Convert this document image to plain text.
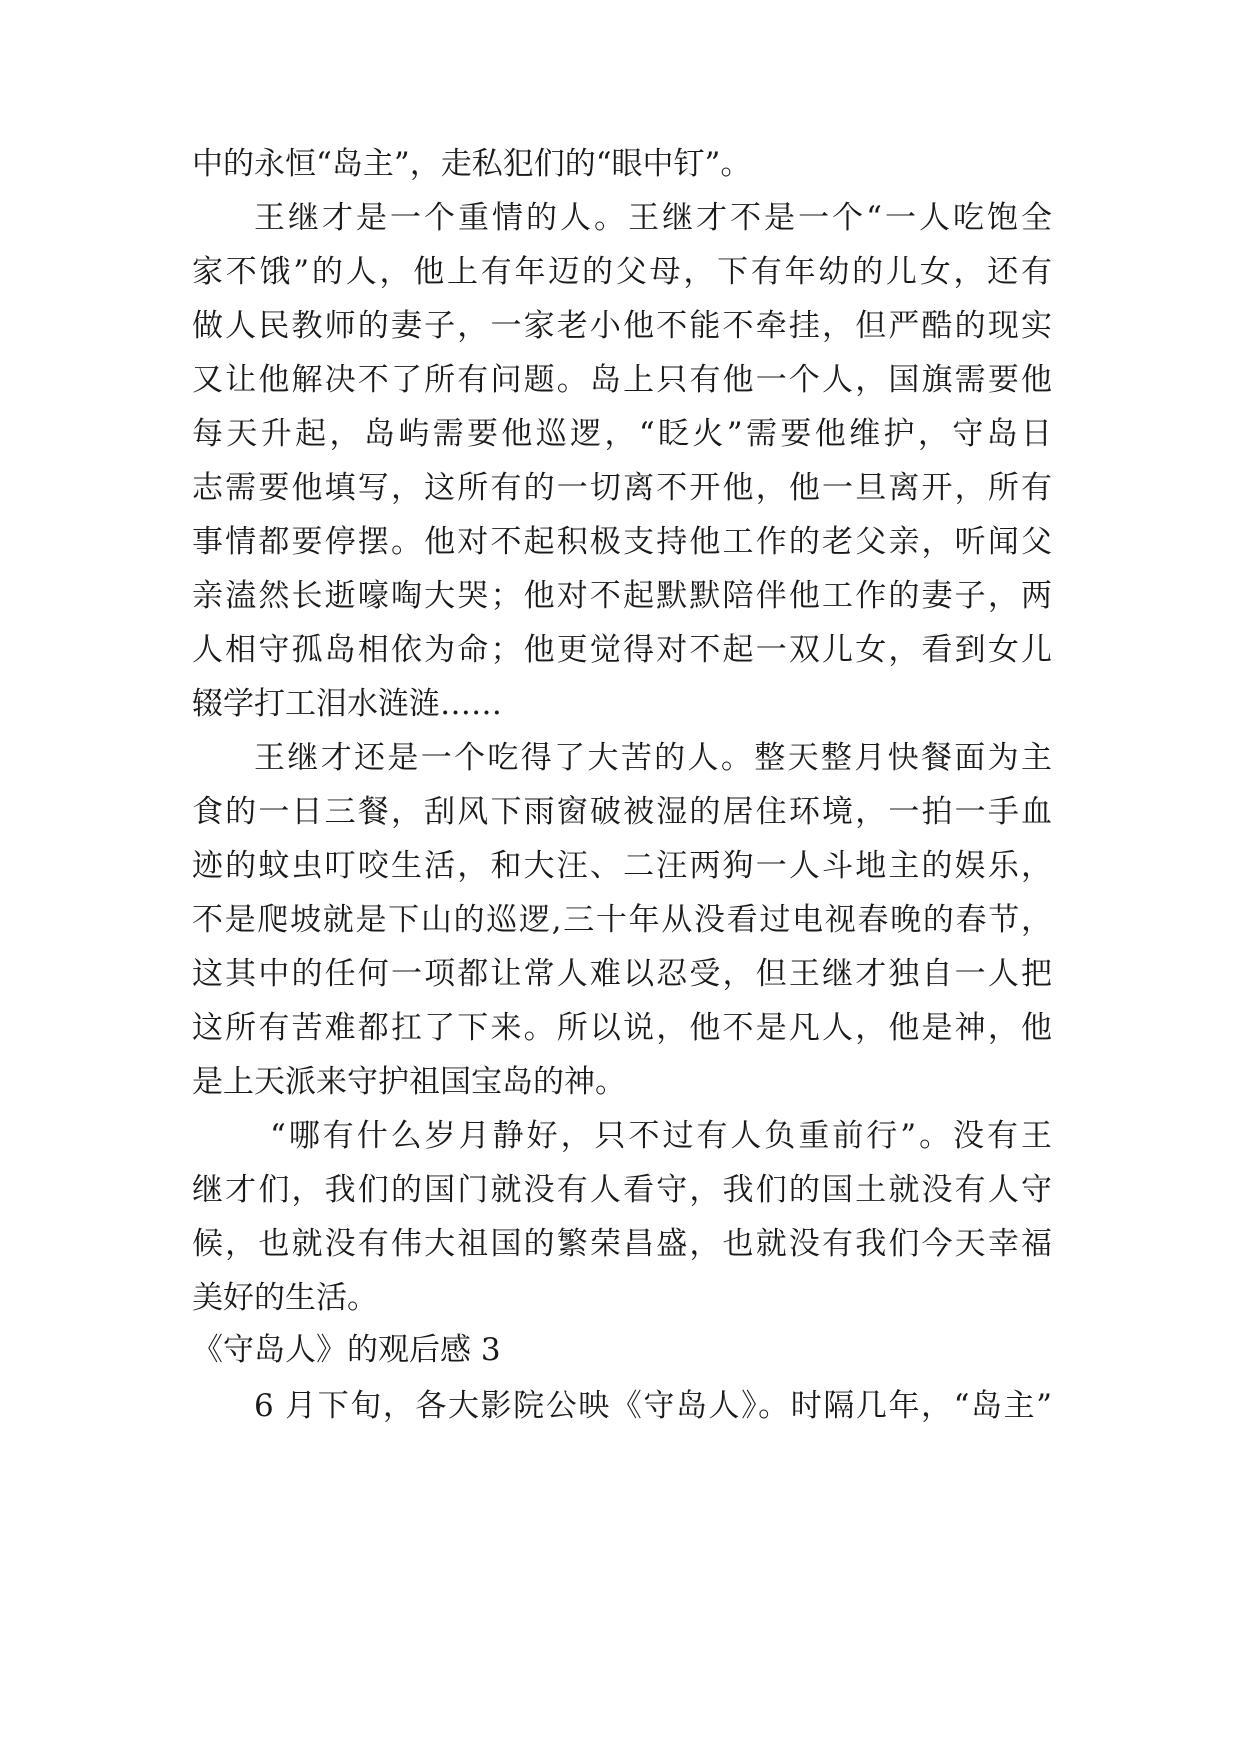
中的永恒“岛主”，走私犯们的“眼中钉”。
王继才是一个重情的人。王继才不是一个“一人吃饱全
家不饿”的人，他上有年迈的父母，下有年幼的儿女，还有
做人民教师的妻子，一家老小他不能不牵挂，但严酷的现实
又让他解决不了所有问题。岛上只有他一个人，国旗需要他
每天升起，岛屿需要他巡逻，“眨火”需要他维护，守岛日
志需要他填写，这所有的一切离不开他，他一旦离开，所有
事情都要停摆。他对不起积极支持他工作的老父亲，听闻父
亲溘然长逝嚎啕大哭；他对不起默默陪伴他工作的妻子，两
人相守孤岛相依为命；他更觉得对不起一双儿女，看到女儿
辍学打工泪水涟涟……
王继才还是一个吃得了大苦的人。整天整月快餐面为主
食的一日三餐，刮风下雨窗破被湿的居住环境，一拍一手血
迹的蚊虫叮咬生活，和大汪、二汪两狗一人斗地主的娱乐，
不是爬坡就是下山的巡逻,三十年从没看过电视春晚的春节，
这其中的任何一项都让常人难以忍受，但王继才独自一人把
这所有苦难都扛了下来。所以说，他不是凡人，他是神，他
是上天派来守护祖国宝岛的神。
“哪有什么岁月静好，只不过有人负重前行”。没有王
继才们，我们的国门就没有人看守，我们的国土就没有人守
候，也就没有伟大祖国的繁荣昌盛，也就没有我们今天幸福
美好的生活。
《守岛人》的观后感 3
6 月下旬，各大影院公映《守岛人》。时隔几年，“岛主”
